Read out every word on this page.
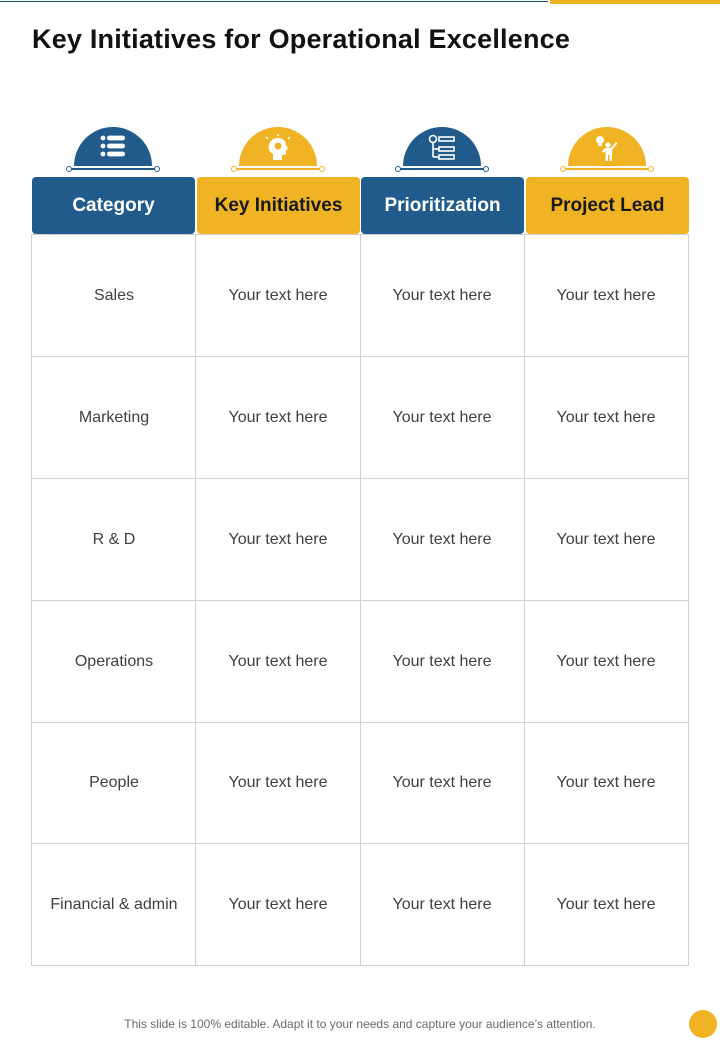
Key Initiatives for Operational Excellence
Category	Key Initiatives	Prioritization	Project Lead
Sales	Your text here	Your text here	Your text here
Marketing	Your text here	Your text here	Your text here
R & D	Your text here	Your text here	Your text here
Operations	Your text here	Your text here	Your text here
People	Your text here	Your text here	Your text here
Financial & admin	Your text here	Your text here	Your text here
This slide is 100% editable. Adapt it to your needs and capture your audience’s attention.
